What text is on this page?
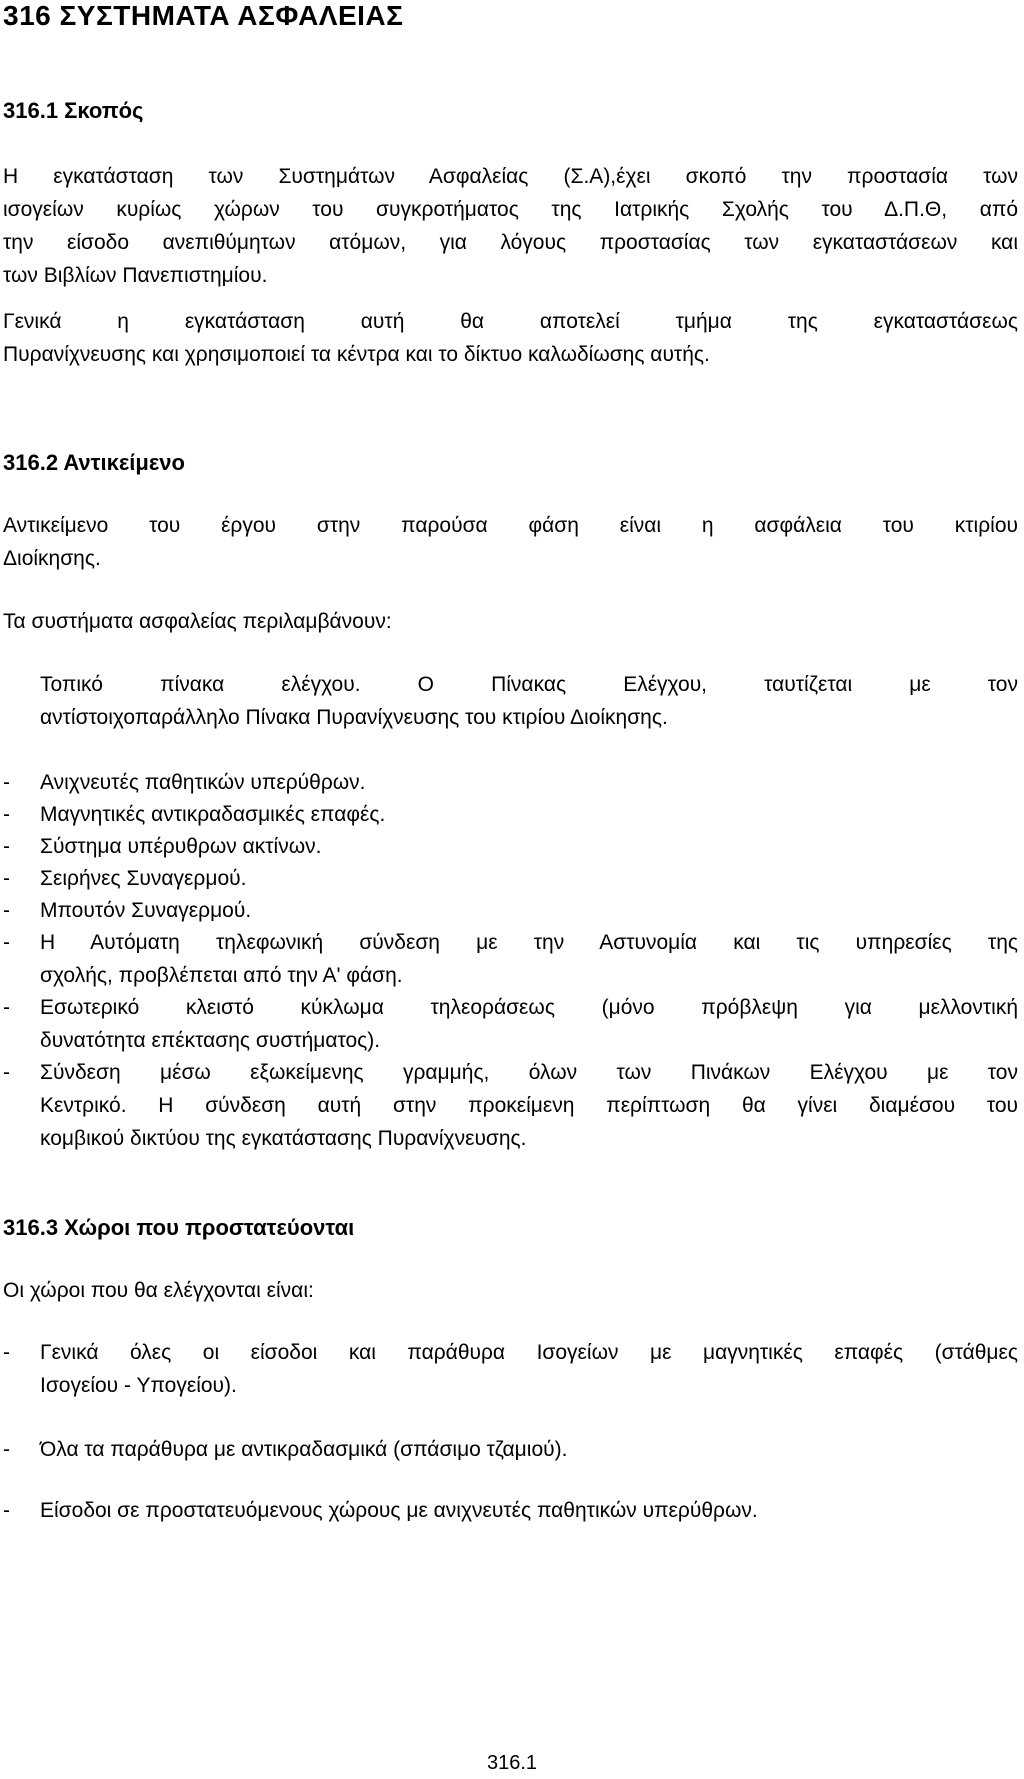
316 ΣΥΣΤΗΜΑΤΑ ΑΣΦΑΛΕΙΑΣ
316.1 Σκοπός
Η εγκατάσταση των Συστημάτων Ασφαλείας (Σ.Α),έχει σκοπό την προστασία των
ισογείων κυρίως χώρων του συγκροτήματος της Ιατρικής Σχολής του Δ.Π.Θ, από
την είσοδο ανεπιθύμητων ατόμων, για λόγους προστασίας των εγκαταστάσεων και
των Βιβλίων Πανεπιστημίου.
Γενικά η εγκατάσταση αυτή θα αποτελεί τμήμα της εγκαταστάσεως
Πυρανίχνευσης και χρησιμοποιεί τα κέντρα και το δίκτυο καλωδίωσης αυτής.
316.2 Αντικείμενο
Αντικείμενο του έργου στην παρούσα φάση είναι η ασφάλεια του κτιρίου
Διοίκησης.
Τα συστήματα ασφαλείας περιλαμβάνουν:
Τοπικό πίνακα ελέγχου. Ο Πίνακας Ελέγχου, ταυτίζεται με τον
αντίστοιχοπαράλληλο Πίνακα Πυρανίχνευσης του κτιρίου Διοίκησης.
- Ανιχνευτές παθητικών υπερύθρων.
- Μαγνητικές αντικραδασμικές επαφές.
- Σύστημα υπέρυθρων ακτίνων.
- Σειρήνες Συναγερμού.
- Μπουτόν Συναγερμού.
- Η Αυτόματη τηλεφωνική σύνδεση με την Αστυνομία και τις υπηρεσίες της
σχολής, προβλέπεται από την Α' φάση.
- Εσωτερικό κλειστό κύκλωμα τηλεοράσεως (μόνο πρόβλεψη για μελλοντική
δυνατότητα επέκτασης συστήματος).
- Σύνδεση μέσω εξωκείμενης γραμμής, όλων των Πινάκων Ελέγχου με τον
Κεντρικό. Η σύνδεση αυτή στην προκείμενη περίπτωση θα γίνει διαμέσου του
κομβικού δικτύου της εγκατάστασης Πυρανίχνευσης.
316.3 Χώροι που προστατεύονται
Οι χώροι που θα ελέγχονται είναι:
- Γενικά όλες οι είσοδοι και παράθυρα Ισογείων με μαγνητικές επαφές (στάθμες
Ισογείου - Υπογείου).
- Όλα τα παράθυρα με αντικραδασμικά (σπάσιμο τζαμιού).
- Είσοδοι σε προστατευόμενους χώρους με ανιχνευτές παθητικών υπερύθρων.
316.1
